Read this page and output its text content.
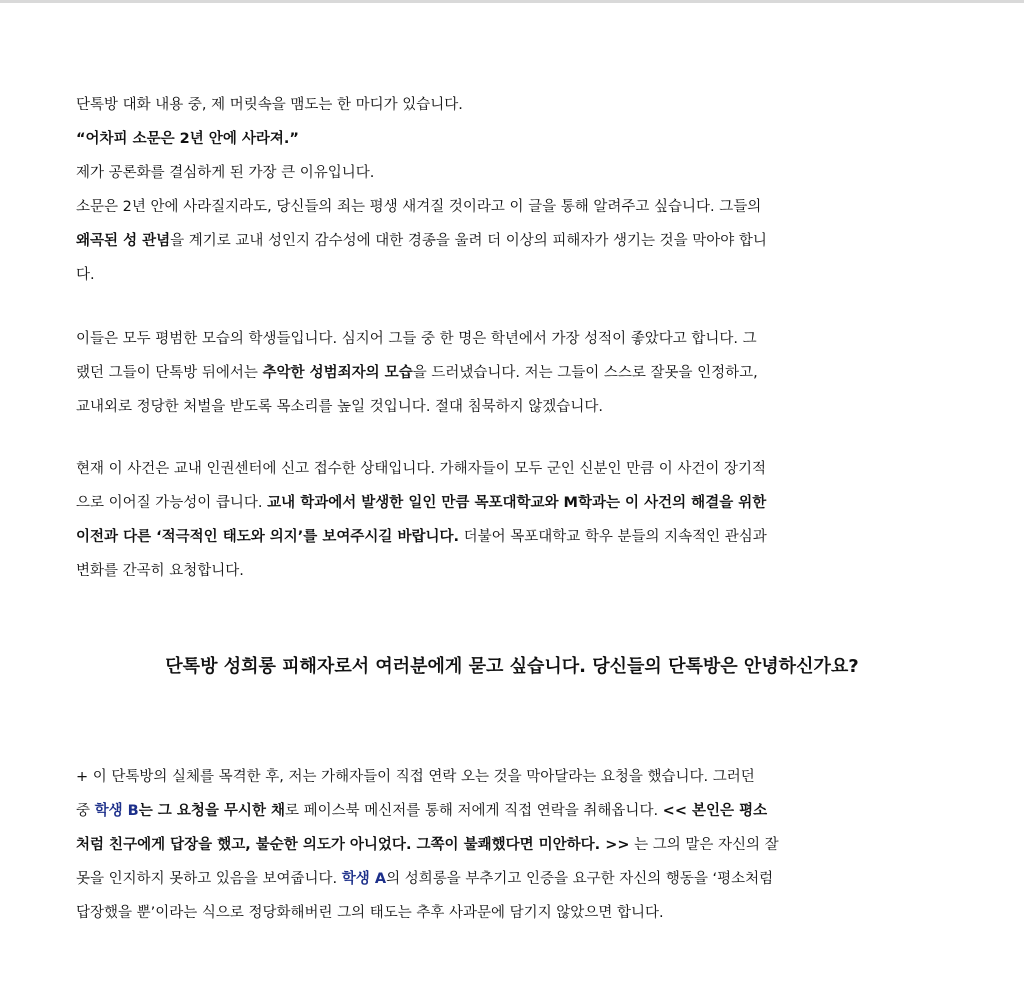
단톡방 대화 내용 중, 제 머릿속을 맴도는 한 마디가 있습니다.
“어차피 소문은 2년 안에 사라져.”
제가 공론화를 결심하게 된 가장 큰 이유입니다.
소문은 2년 안에 사라질지라도, 당신들의 죄는 평생 새겨질 것이라고 이 글을 통해 알려주고 싶습니다. 그들의
왜곡된 성 관념을 계기로 교내 성인지 감수성에 대한 경종을 울려 더 이상의 피해자가 생기는 것을 막아야 합니
다.
이들은 모두 평범한 모습의 학생들입니다. 심지어 그들 중 한 명은 학년에서 가장 성적이 좋았다고 합니다. 그
랬던 그들이 단톡방 뒤에서는 추악한 성범죄자의 모습을 드러냈습니다. 저는 그들이 스스로 잘못을 인정하고,
교내외로 정당한 처벌을 받도록 목소리를 높일 것입니다. 절대 침묵하지 않겠습니다.
현재 이 사건은 교내 인권센터에 신고 접수한 상태입니다. 가해자들이 모두 군인 신분인 만큼 이 사건이 장기적
으로 이어질 가능성이 큽니다. 교내 학과에서 발생한 일인 만큼 목포대학교와 M학과는 이 사건의 해결을 위한
이전과 다른 ‘적극적인 태도와 의지’를 보여주시길 바랍니다. 더불어 목포대학교 학우 분들의 지속적인 관심과
변화를 간곡히 요청합니다.
단톡방 성희롱 피해자로서 여러분에게 묻고 싶습니다. 당신들의 단톡방은 안녕하신가요?
+ 이 단톡방의 실체를 목격한 후, 저는 가해자들이 직접 연락 오는 것을 막아달라는 요청을 했습니다. 그러던
중 학생 B는 그 요청을 무시한 채로 페이스북 메신저를 통해 저에게 직접 연락을 취해옵니다. << 본인은 평소
처럼 친구에게 답장을 했고, 불순한 의도가 아니었다. 그쪽이 불쾌했다면 미안하다. >> 는 그의 말은 자신의 잘
못을 인지하지 못하고 있음을 보여줍니다. 학생 A의 성희롱을 부추기고 인증을 요구한 자신의 행동을 ‘평소처럼
답장했을 뿐’이라는 식으로 정당화해버린 그의 태도는 추후 사과문에 담기지 않았으면 합니다.
